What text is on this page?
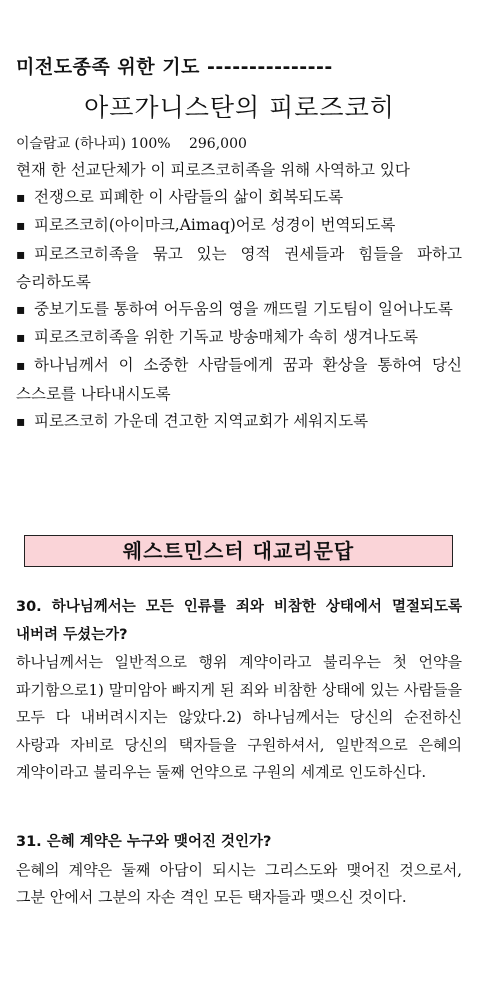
미전도종족 위한 기도 ---------------
아프가니스탄의 피로즈코히
이슬람교 (하나피) 100% 296,000

현재 한 선교단체가 이 피로즈코히족을 위해 사역하고 있다

▪ 전쟁으로 피폐한 이 사람들의 삶이 회복되도록

▪ 피로즈코히(아이마크,Aimaq)어로 성경이 번역되도록

▪ 피로즈코히족을 묶고 있는 영적 권세들과 힘들을 파하고 승리하도록

▪ 중보기도를 통하여 어두움의 영을 깨뜨릴 기도팀이 일어나도록

▪ 피로즈코히족을 위한 기독교 방송매체가 속히 생겨나도록

▪ 하나님께서 이 소중한 사람들에게 꿈과 환상을 통하여 당신 스스로를 나타내시도록

▪ 피로즈코히 가운데 견고한 지역교회가 세워지도록

웨스트민스터 대교리문답

30. 하나님께서는 모든 인류를 죄와 비참한 상태에서 멸절되도록 내버려 두셨는가?

하나님께서는 일반적으로 행위 계약이라고 불리우는 첫 언약을 파기함으로1) 말미암아 빠지게 된 죄와 비참한 상태에 있는 사람들을 모두 다 내버려시지는 않았다.2) 하나님께서는 당신의 순전하신 사랑과 자비로 당신의 택자들을 구원하셔서, 일반적으로 은혜의 계약이라고 불리우는 둘째 언약으로 구원의 세계로 인도하신다.

31. 은혜 계약은 누구와 맺어진 것인가?

은혜의 계약은 둘째 아담이 되시는 그리스도와 맺어진 것으로서, 그분 안에서 그분의 자손 격인 모든 택자들과 맺으신 것이다.
